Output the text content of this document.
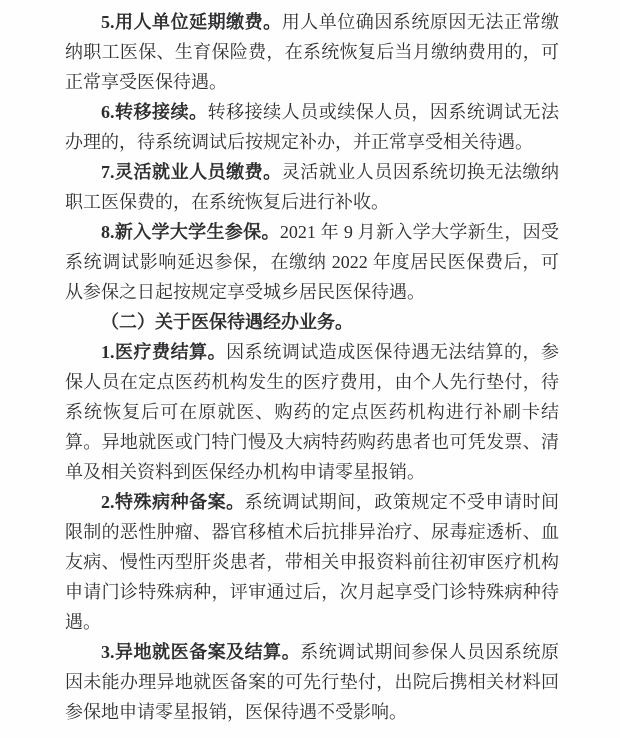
5.用人单位延期缴费。用人单位确因系统原因无法正常缴纳职工医保、生育保险费，在系统恢复后当月缴纳费用的，可正常享受医保待遇。

6.转移接续。转移接续人员或续保人员，因系统调试无法办理的，待系统调试后按规定补办，并正常享受相关待遇。

7.灵活就业人员缴费。灵活就业人员因系统切换无法缴纳职工医保费的，在系统恢复后进行补收。

8.新入学大学生参保。2021 年 9 月新入学大学新生，因受系统调试影响延迟参保，在缴纳 2022 年度居民医保费后，可从参保之日起按规定享受城乡居民医保待遇。

（二）关于医保待遇经办业务。

1.医疗费结算。因系统调试造成医保待遇无法结算的，参保人员在定点医药机构发生的医疗费用，由个人先行垫付，待系统恢复后可在原就医、购药的定点医药机构进行补刷卡结算。异地就医或门特门慢及大病特药购药患者也可凭发票、清单及相关资料到医保经办机构申请零星报销。

2.特殊病种备案。系统调试期间，政策规定不受申请时间限制的恶性肿瘤、器官移植术后抗排异治疗、尿毒症透析、血友病、慢性丙型肝炎患者，带相关申报资料前往初审医疗机构申请门诊特殊病种，评审通过后，次月起享受门诊特殊病种待遇。

3.异地就医备案及结算。系统调试期间参保人员因系统原因未能办理异地就医备案的可先行垫付，出院后携相关材料回参保地申请零星报销，医保待遇不受影响。
